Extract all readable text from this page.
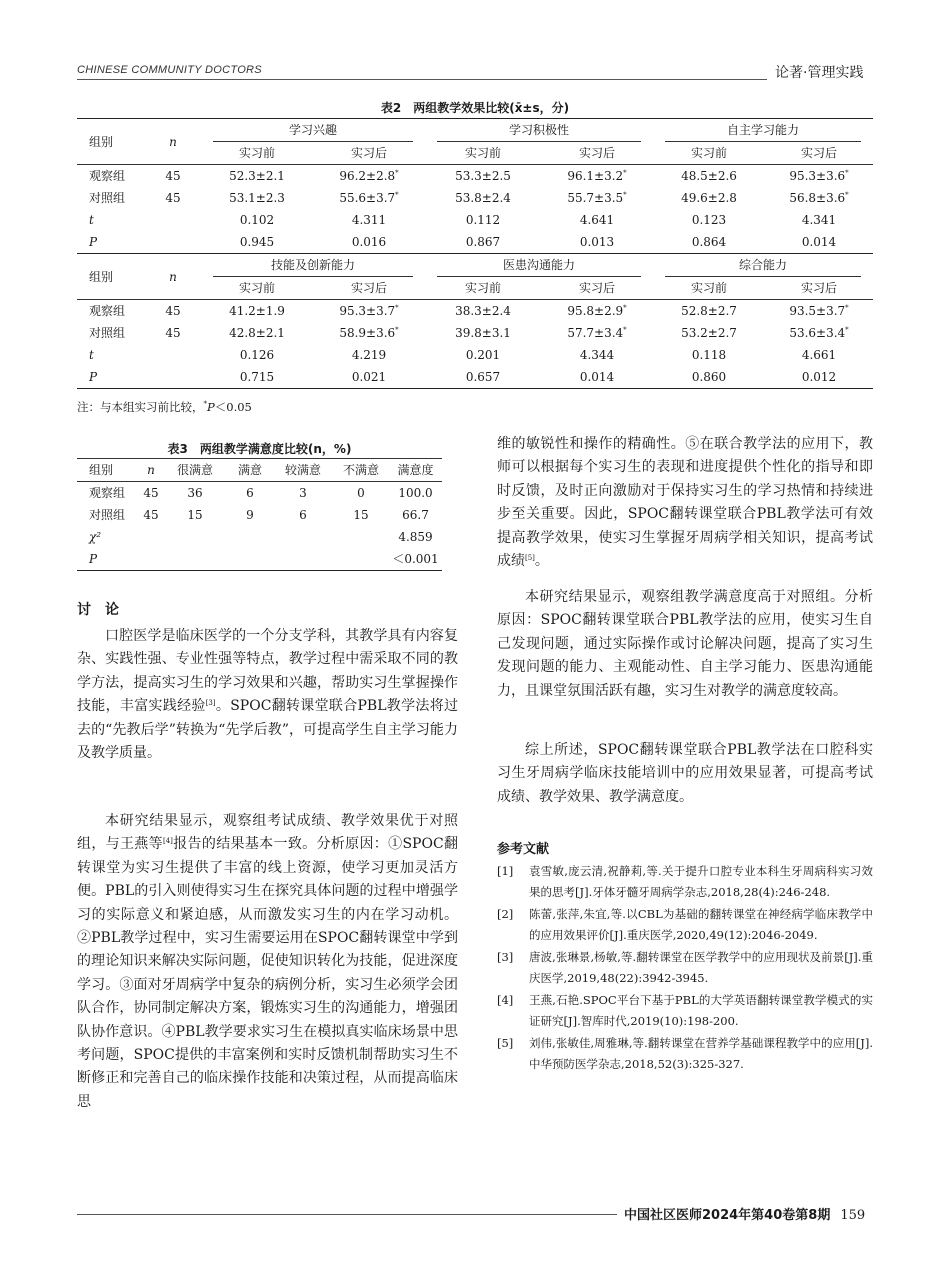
CHINESE COMMUNITY DOCTORS	论著·管理实践
表2　两组教学效果比较(x̄±s，分)
组别	n	学习兴趣		学习积极性		自主学习能力	

		实习前	实习后	实习前	实习后	实习前	实习后
观察组	45	52.3±2.1	96.2±2.8*	53.3±2.5	96.1±3.2*	48.5±2.6	95.3±3.6*
对照组	45	53.1±2.3	55.6±3.7*	53.8±2.4	55.7±3.5*	49.6±2.8	56.8±3.6*
t		0.102	4.311	0.112	4.641	0.123	4.341
P		0.945	0.016	0.867	0.013	0.864	0.014
组别	n	技能及创新能力		医患沟通能力		综合能力	

		实习前	实习后	实习前	实习后	实习前	实习后
观察组	45	41.2±1.9	95.3±3.7*	38.3±2.4	95.8±2.9*	52.8±2.7	93.5±3.7*
对照组	45	42.8±2.1	58.9±3.6*	39.8±3.1	57.7±3.4*	53.2±2.7	53.6±3.4*
t		0.126	4.219	0.201	4.344	0.118	4.661
P		0.715	0.021	0.657	0.014	0.860	0.012
注：与本组实习前比较，*P＜0.05
表3　两组教学满意度比较(n，%)
组别	n	很满意	满意	较满意	不满意	满意度
观察组	45	36	6	3	0	100.0
对照组	45	15	9	6	15	66.7
χ²						4.859
P						＜0.001
讨　论
口腔医学是临床医学的一个分支学科，其教学具有内容复杂、实践性强、专业性强等特点，教学过程中需采取不同的教学方法，提高实习生的学习效果和兴趣，帮助实习生掌握操作技能，丰富实践经验[3]。SPOC翻转课堂联合PBL教学法将过去的“先教后学”转换为“先学后教”，可提高学生自主学习能力及教学质量。
本研究结果显示，观察组考试成绩、教学效果优于对照组，与王燕等[4]报告的结果基本一致。分析原因：①SPOC翻转课堂为实习生提供了丰富的线上资源，使学习更加灵活方便。PBL的引入则使得实习生在探究具体问题的过程中增强学习的实际意义和紧迫感，从而激发实习生的内在学习动机。②PBL教学过程中，实习生需要运用在SPOC翻转课堂中学到的理论知识来解决实际问题，促使知识转化为技能，促进深度学习。③面对牙周病学中复杂的病例分析，实习生必须学会团队合作，协同制定解决方案，锻炼实习生的沟通能力，增强团队协作意识。④PBL教学要求实习生在模拟真实临床场景中思考问题，SPOC提供的丰富案例和实时反馈机制帮助实习生不断修正和完善自己的临床操作技能和决策过程，从而提高临床思
维的敏锐性和操作的精确性。⑤在联合教学法的应用下，教师可以根据每个实习生的表现和进度提供个性化的指导和即时反馈，及时正向激励对于保持实习生的学习热情和持续进步至关重要。因此，SPOC翻转课堂联合PBL教学法可有效提高教学效果，使实习生掌握牙周病学相关知识，提高考试成绩[5]。
本研究结果显示，观察组教学满意度高于对照组。分析原因：SPOC翻转课堂联合PBL教学法的应用，使实习生自己发现问题，通过实际操作或讨论解决问题，提高了实习生发现问题的能力、主观能动性、自主学习能力、医患沟通能力，且课堂氛围活跃有趣，实习生对教学的满意度较高。
综上所述，SPOC翻转课堂联合PBL教学法在口腔科实习生牙周病学临床技能培训中的应用效果显著，可提高考试成绩、教学效果、教学满意度。
参考文献
[1] 袁雪敏,庞云清,祝静莉,等.关于提升口腔专业本科生牙周病科实习效果的思考[J].牙体牙髓牙周病学杂志,2018,28(4):246-248.
[2] 陈蕾,张萍,朱宜,等.以CBL为基础的翻转课堂在神经病学临床教学中的应用效果评价[J].重庆医学,2020,49(12):2046-2049.
[3] 唐波,张琳景,杨敏,等.翻转课堂在医学教学中的应用现状及前景[J].重庆医学,2019,48(22):3942-3945.
[4] 王燕,石艳.SPOC平台下基于PBL的大学英语翻转课堂教学模式的实证研究[J].智库时代,2019(10):198-200.
[5] 刘伟,张敏佳,周雅琳,等.翻转课堂在营养学基础课程教学中的应用[J].中华预防医学杂志,2018,52(3):325-327.
中国社区医师2024年第40卷第8期 159
